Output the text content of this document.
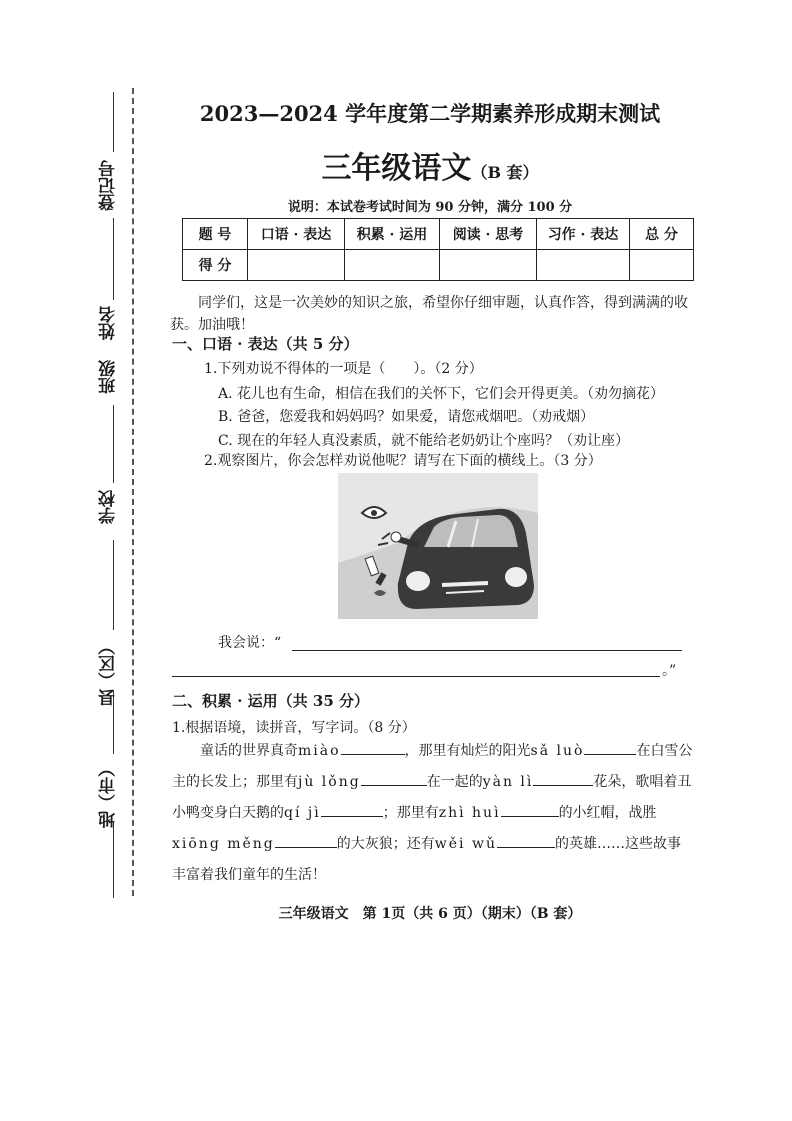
登记号
姓名
班级
学校
县（区）
地（市）
2023—2024 学年度第二学期素养形成期末测试
三年级语文（B 套）
说明：本试卷考试时间为 90 分钟，满分 100 分
题 号	口语 · 表达	积累 · 运用	阅读 · 思考	习作 · 表达	总 分
得 分					
同学们，这是一次美妙的知识之旅，希望你仔细审题，认真作答，得到满满的收获。加油哦！
一、口语 · 表达（共 5 分）
1.下列劝说不得体的一项是（　　）。（2 分）
A. 花儿也有生命，相信在我们的关怀下，它们会开得更美。（劝勿摘花）
B. 爸爸，您爱我和妈妈吗？如果爱，请您戒烟吧。（劝戒烟）
C. 现在的年轻人真没素质，就不能给老奶奶让个座吗？（劝让座）
2.观察图片，你会怎样劝说他呢？请写在下面的横线上。（3 分）
我会说：“
。”
二、积累 · 运用（共 35 分）
1.根据语境，读拼音，写字词。（8 分）
童话的世界真奇miào	，那里有灿烂的阳光sǎ luò	在白雪公主的长发上；那里有jù lǒng	在一起的yàn lì	花朵，歌唱着丑小鸭变身白天鹅的qí jì	；那里有zhì huì	的小红帽，战胜xiōng měng	的大灰狼；还有wěi wǔ	的英雄……这些故事丰富着我们童年的生活！
三年级语文　第 1页（共 6 页）（期末）（B 套）
